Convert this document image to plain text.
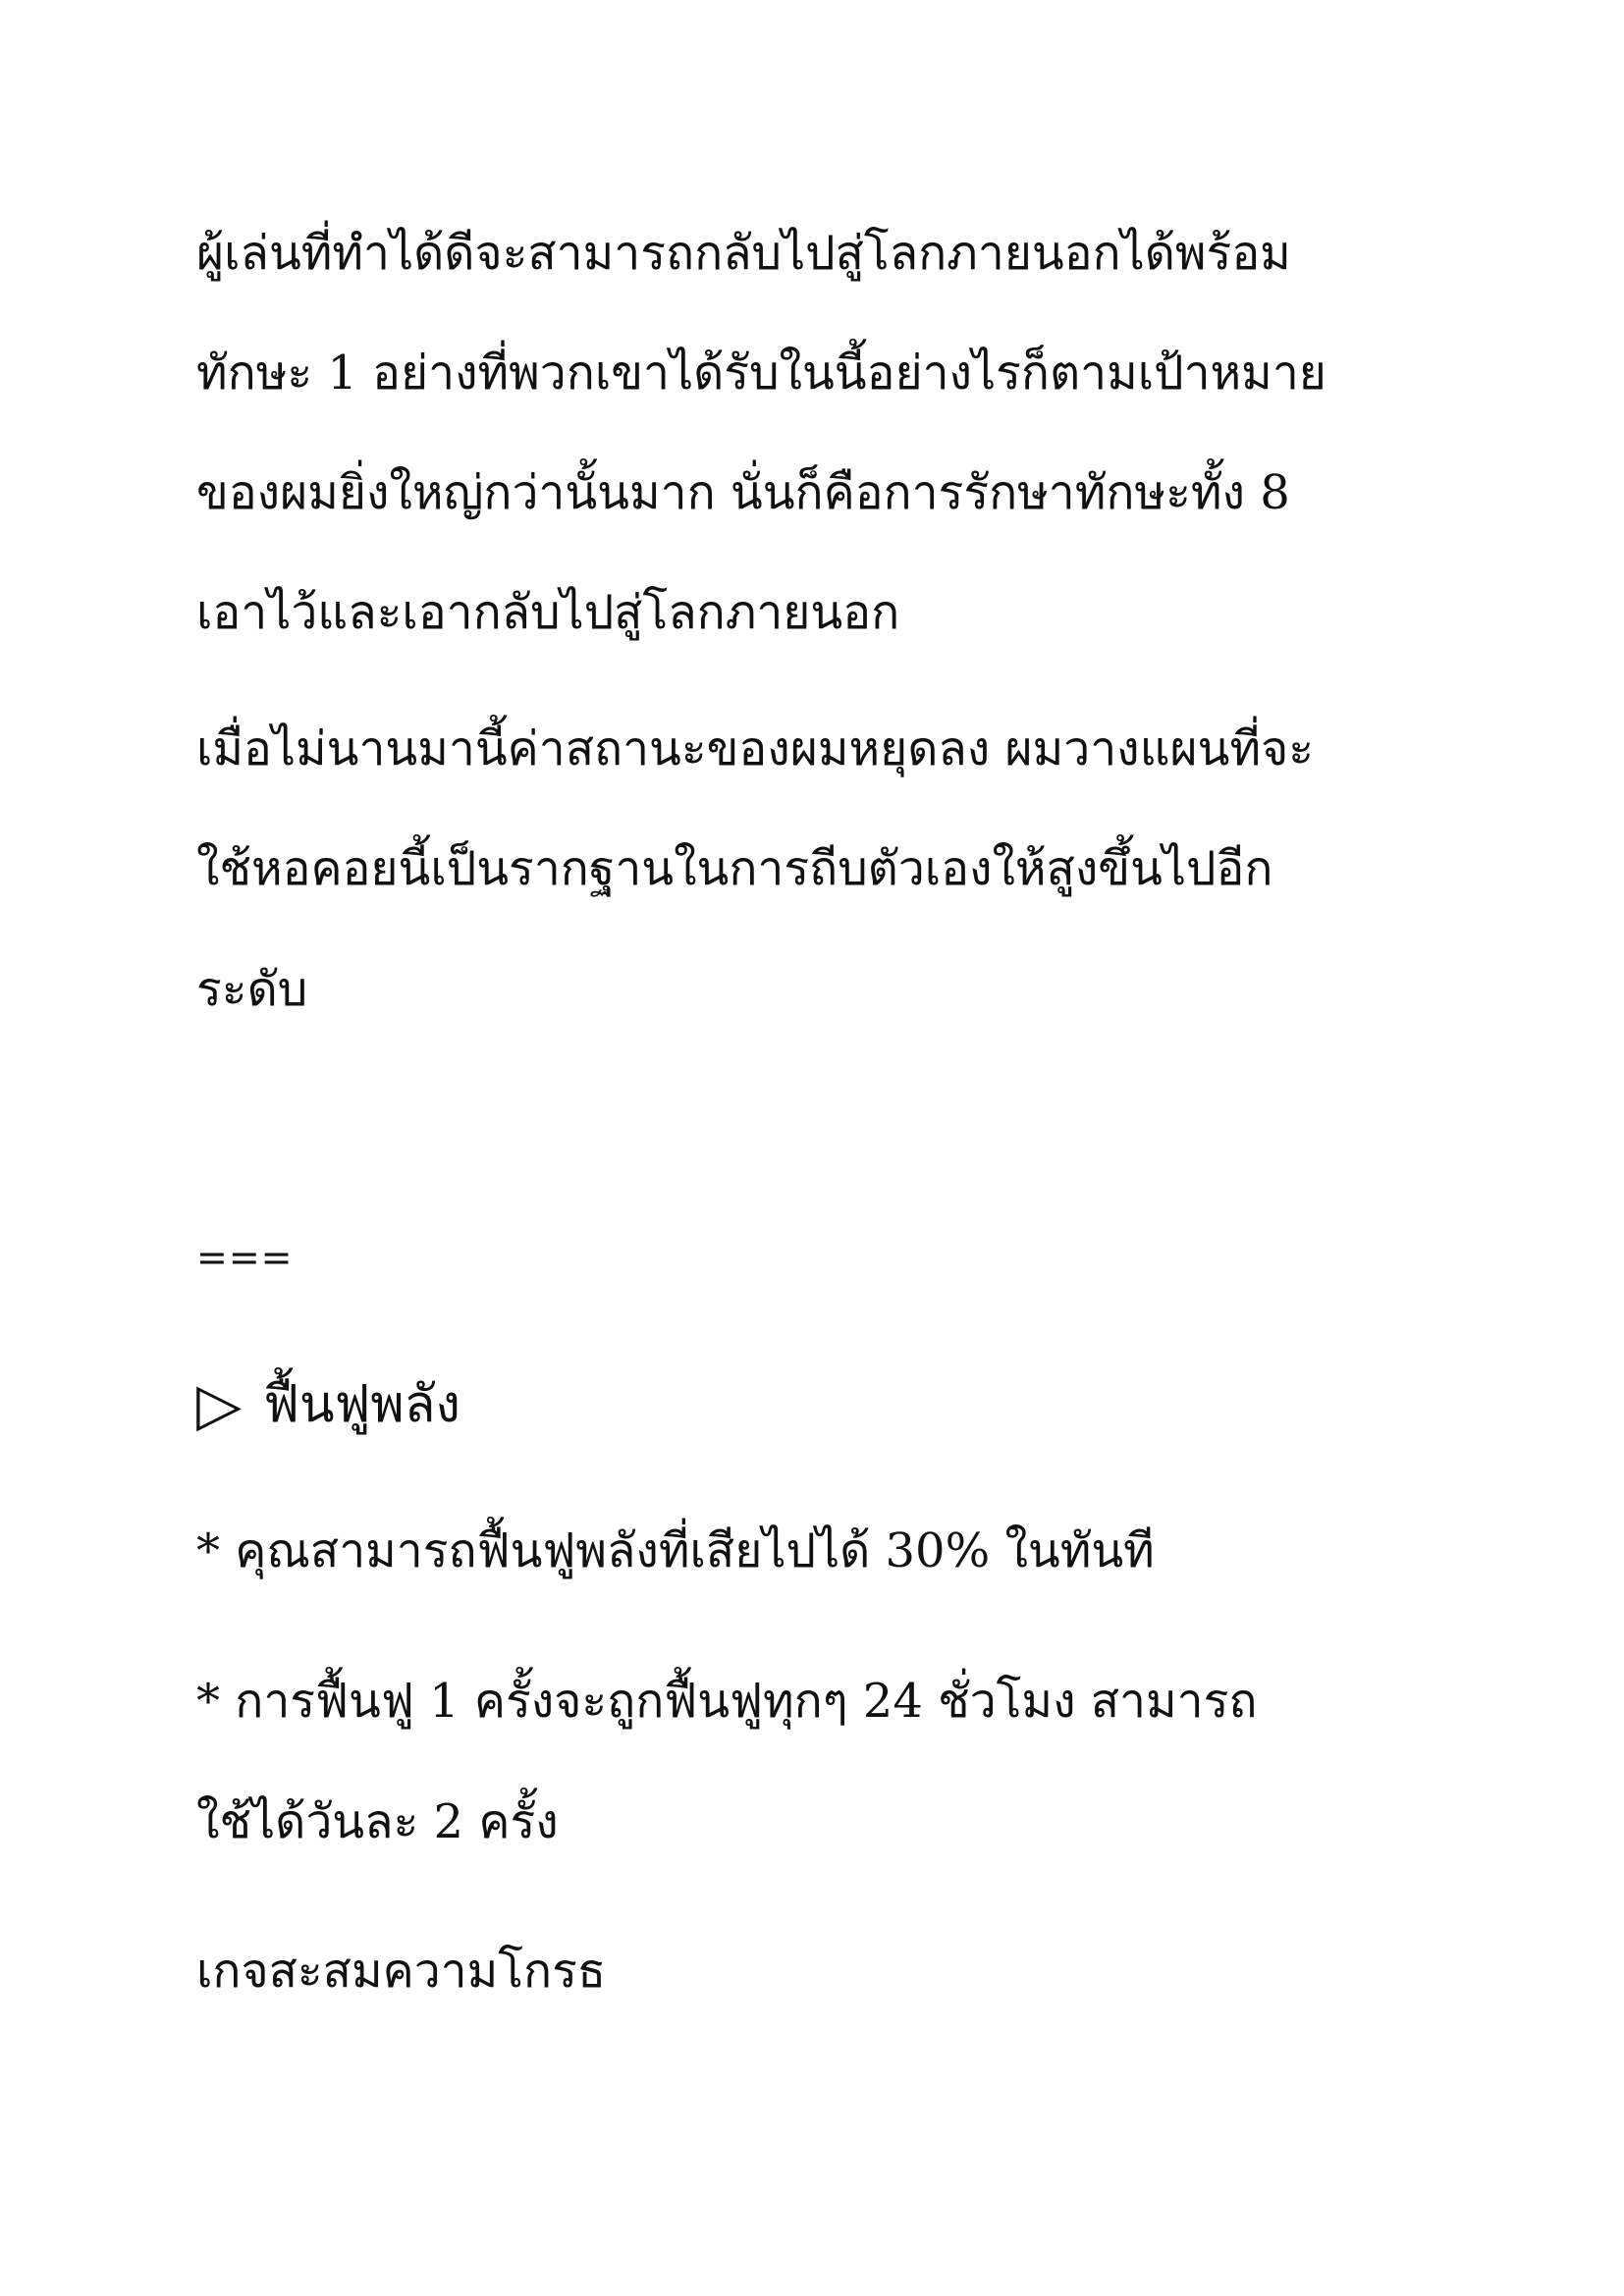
ผู้เล่นที่ทำได้ดีจะสามารถกลับไปสู่โลกภายนอกได้พร้อม
ทักษะ 1 อย่างที่พวกเขาได้รับในนี้อย่างไรก็ตามเป้าหมาย
ของผมยิ่งใหญ่กว่านั้นมาก นั่นก็คือการรักษาทักษะทั้ง 8
เอาไว้และเอากลับไปสู่โลกภายนอก
เมื่อไม่นานมานี้ค่าสถานะของผมหยุดลง ผมวางแผนที่จะ
ใช้หอคอยนี้เป็นรากฐานในการถีบตัวเองให้สูงขึ้นไปอีก
ระดับ
===
▷ ฟื้นฟูพลัง
* คุณสามารถฟื้นฟูพลังที่เสียไปได้ 30% ในทันที
* การฟื้นฟู 1 ครั้งจะถูกฟื้นฟูทุกๆ 24 ชั่วโมง สามารถ
ใช้ได้วันละ 2 ครั้ง
เกจสะสมความโกรธ
